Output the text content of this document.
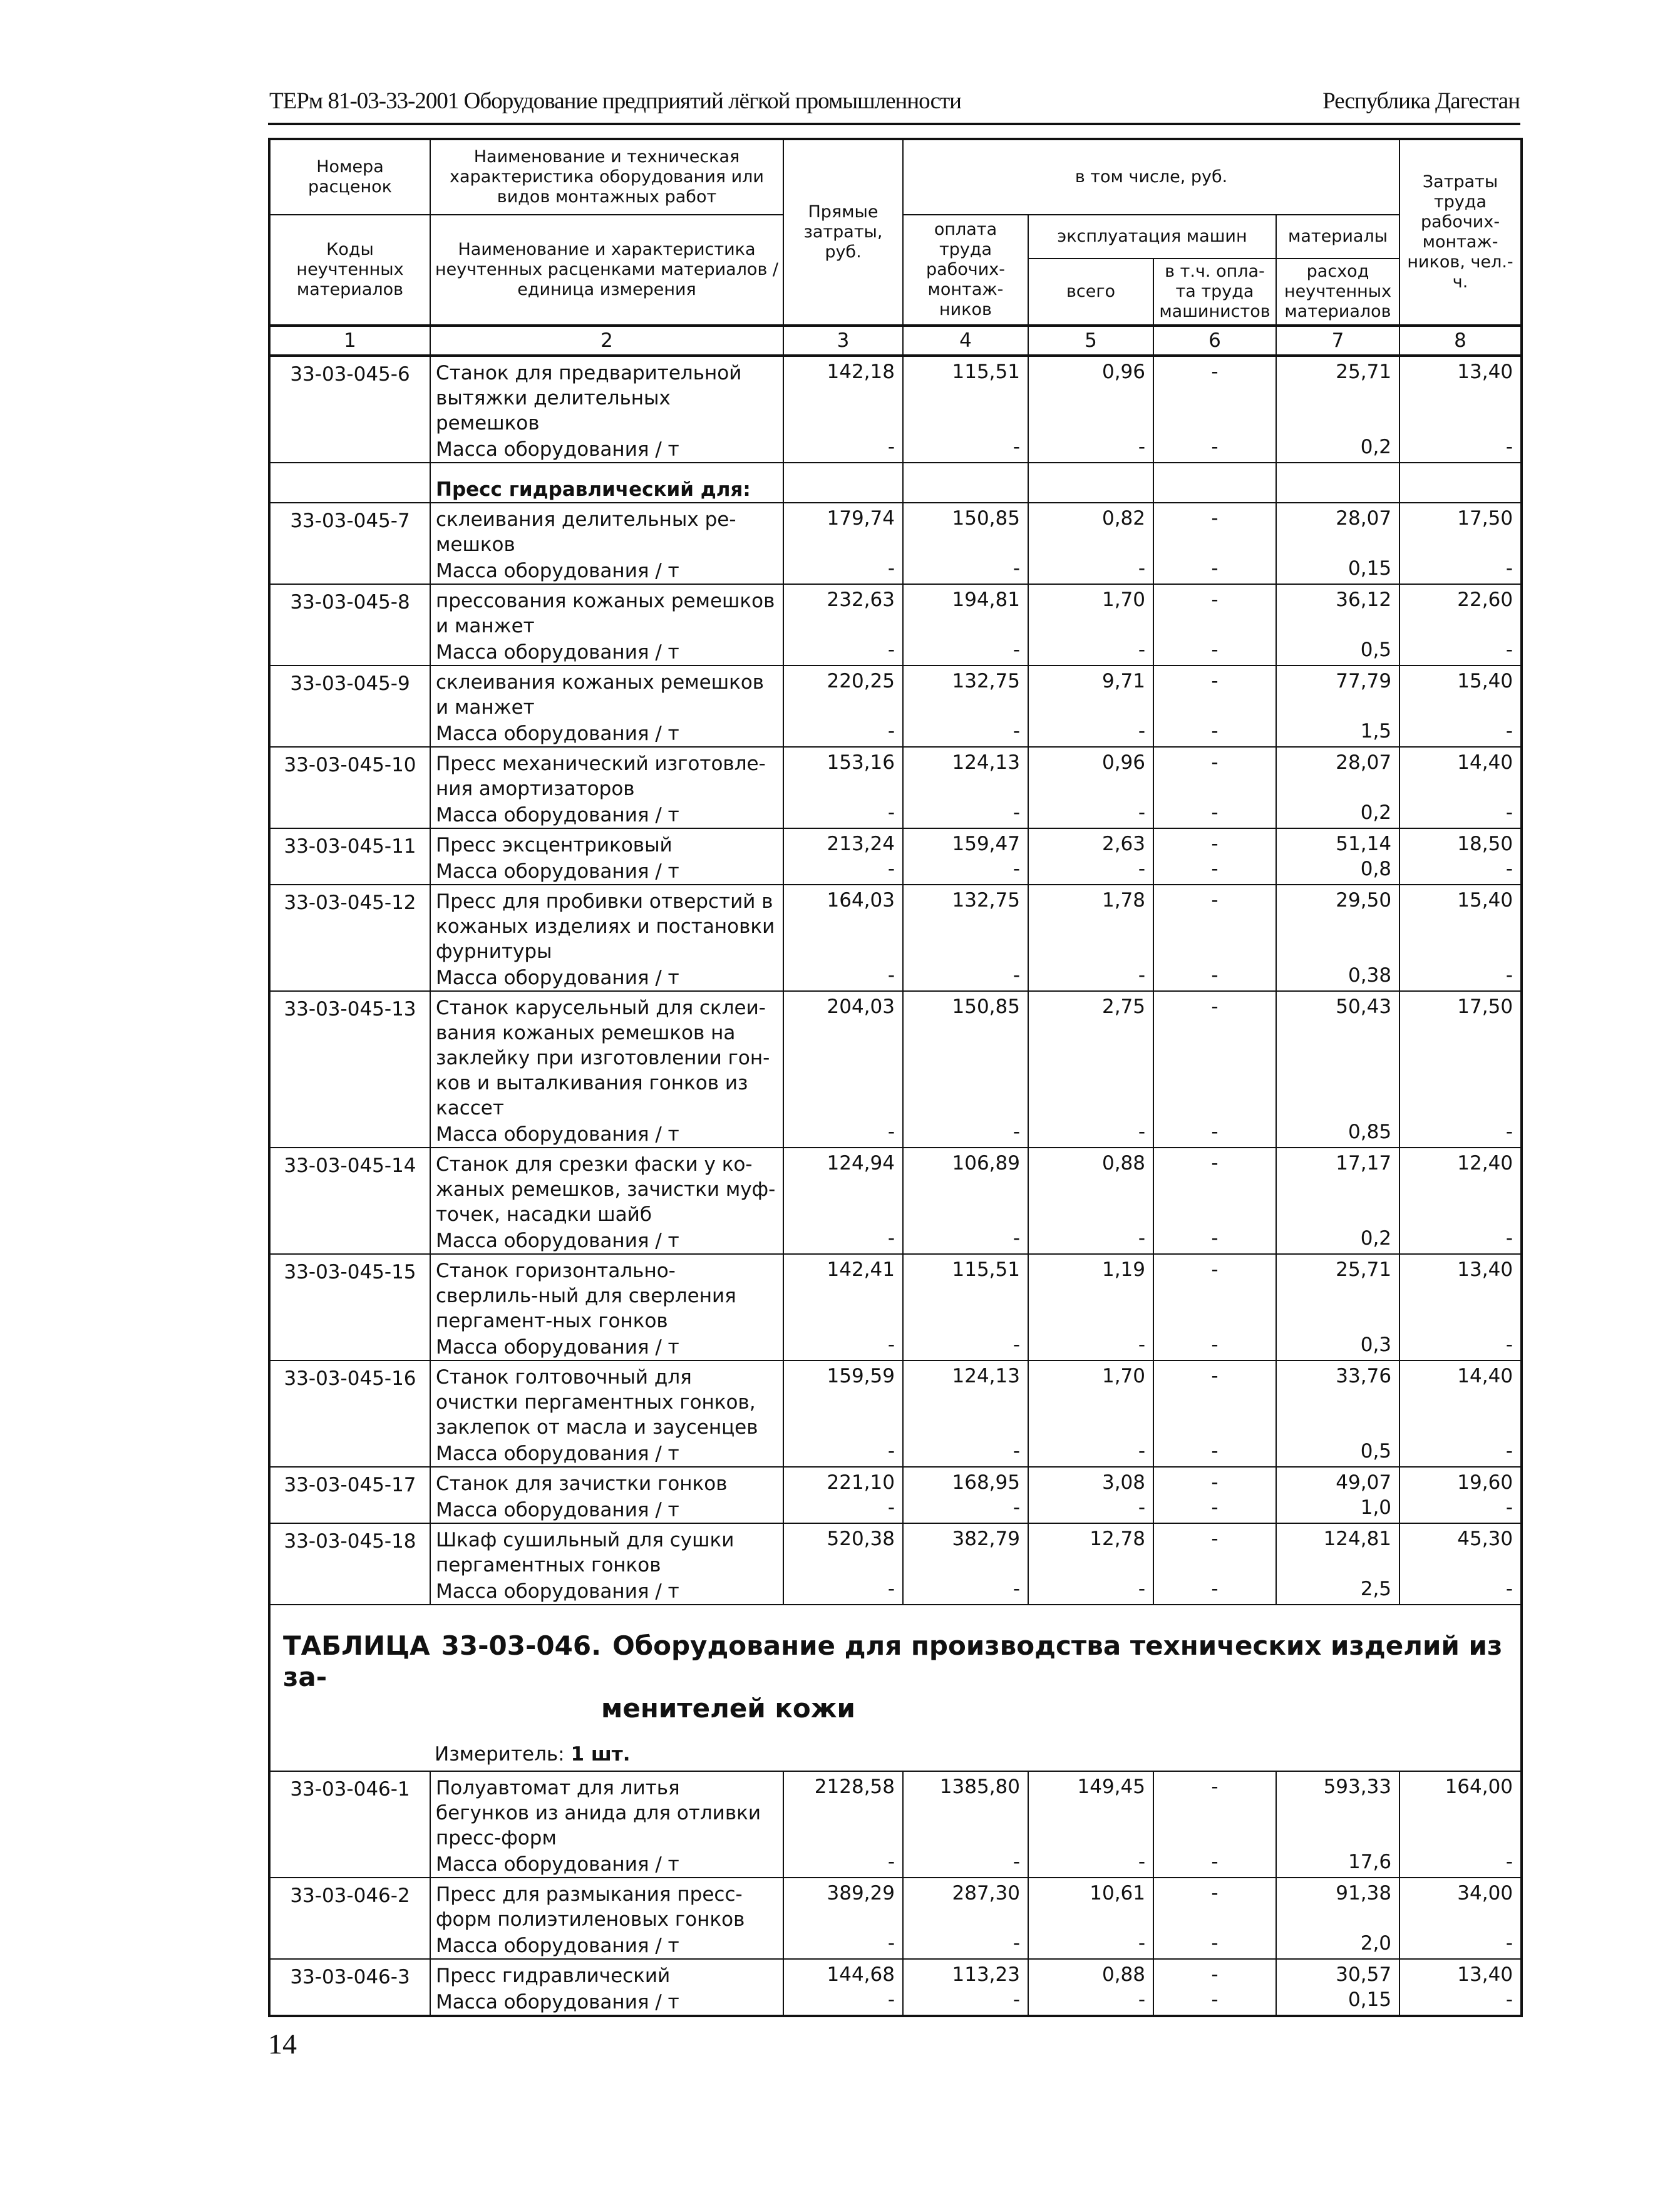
ТЕРм 81-03-33-2001 Оборудование предприятий лёгкой промышленности	Республика Дагестан
Номера расценок	Наименование и техническая характеристика оборудования или видов монтажных работ	Прямые затраты, руб.	в том числе, руб.				Затраты труда рабочих-монтаж-ников, чел.-ч.
Коды неучтенных материалов	Наименование и характеристика неучтенных расценками материалов / единица измерения		оплата труда рабочих-монтаж-ников	эксплуатация машин		материалы	
				всего	в т.ч. опла-та труда машинистов	расход неучтенных материалов	
1	2	3	4	5	6	7	8
33-03-045-6	Станок для предварительной вытяжки делительных ремешков	142,18	115,51	0,96	-	25,71	13,40
	Масса оборудования / т	-	-	-	-	0,2	-
	Пресс гидравлический для:						
33-03-045-7	склеивания делительных ре-мешков	179,74	150,85	0,82	-	28,07	17,50
	Масса оборудования / т	-	-	-	-	0,15	-
33-03-045-8	прессования кожаных ремешков и манжет	232,63	194,81	1,70	-	36,12	22,60
	Масса оборудования / т	-	-	-	-	0,5	-
33-03-045-9	склеивания кожаных ремешков и манжет	220,25	132,75	9,71	-	77,79	15,40
	Масса оборудования / т	-	-	-	-	1,5	-
33-03-045-10	Пресс механический изготовле-ния амортизаторов	153,16	124,13	0,96	-	28,07	14,40
	Масса оборудования / т	-	-	-	-	0,2	-
33-03-045-11	Пресс эксцентриковый	213,24	159,47	2,63	-	51,14	18,50
	Масса оборудования / т	-	-	-	-	0,8	-
33-03-045-12	Пресс для пробивки отверстий в кожаных изделиях и постановки фурнитуры	164,03	132,75	1,78	-	29,50	15,40
	Масса оборудования / т	-	-	-	-	0,38	-
33-03-045-13	Станок карусельный для склеи-вания кожаных ремешков на заклейку при изготовлении гон-ков и выталкивания гонков из кассет	204,03	150,85	2,75	-	50,43	17,50
	Масса оборудования / т	-	-	-	-	0,85	-
33-03-045-14	Станок для срезки фаски у ко-жаных ремешков, зачистки муф-точек, насадки шайб	124,94	106,89	0,88	-	17,17	12,40
	Масса оборудования / т	-	-	-	-	0,2	-
33-03-045-15	Станок горизонтально-сверлиль-ный для сверления пергамент-ных гонков	142,41	115,51	1,19	-	25,71	13,40
	Масса оборудования / т	-	-	-	-	0,3	-
33-03-045-16	Станок голтовочный для очистки пергаментных гонков, заклепок от масла и заусенцев	159,59	124,13	1,70	-	33,76	14,40
	Масса оборудования / т	-	-	-	-	0,5	-
33-03-045-17	Станок для зачистки гонков	221,10	168,95	3,08	-	49,07	19,60
	Масса оборудования / т	-	-	-	-	1,0	-
33-03-045-18	Шкаф сушильный для сушки пергаментных гонков	520,38	382,79	12,78	-	124,81	45,30
	Масса оборудования / т	-	-	-	-	2,5	-
ТАБЛИЦА 33-03-046. Оборудование для производства технических изделий из за-
менителей кожи							

Измеритель: 1 шт.							
33-03-046-1	Полуавтомат для литья бегунков из анида для отливки пресс-форм	2128,58	1385,80	149,45	-	593,33	164,00
	Масса оборудования / т	-	-	-	-	17,6	-
33-03-046-2	Пресс для размыкания пресс-форм полиэтиленовых гонков	389,29	287,30	10,61	-	91,38	34,00
	Масса оборудования / т	-	-	-	-	2,0	-
33-03-046-3	Пресс гидравлический	144,68	113,23	0,88	-	30,57	13,40
	Масса оборудования / т	-	-	-	-	0,15	-
14
